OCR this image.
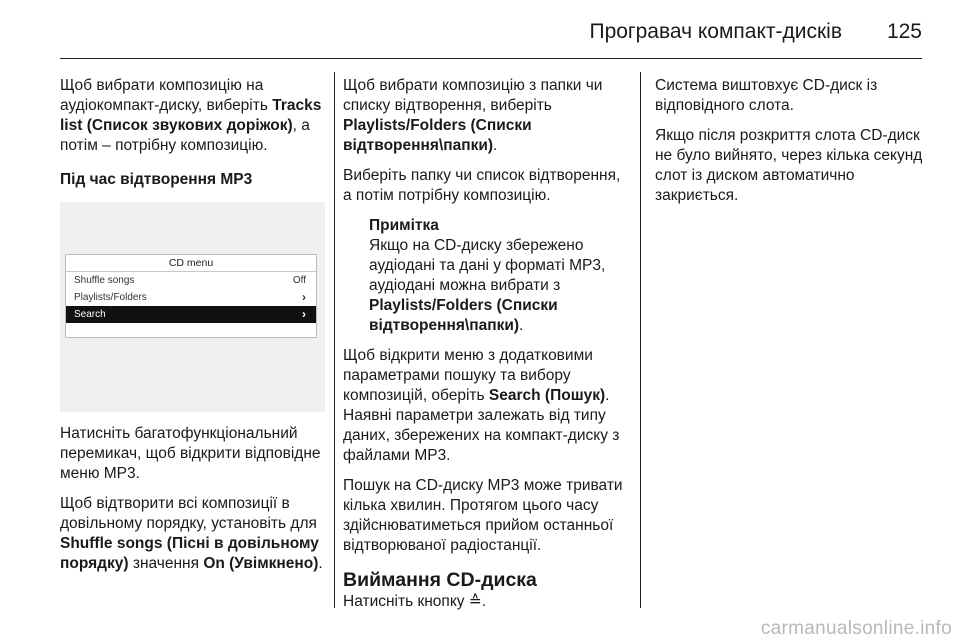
Програвач компакт-дисків 125

Щоб вибрати композицію на аудіокомпакт-диску, виберіть Tracks list (Список звукових доріжок), а потім – потрібну композицію.

Під час відтворення MP3

CD menu
Shuffle songs	Off
Playlists/Folders	›
Search	›

Натисніть багатофункціональний перемикач, щоб відкрити відповідне меню MP3.

Щоб відтворити всі композиції в довільному порядку, установіть для Shuffle songs (Пісні в довільному порядку) значення On (Увімкнено).

Щоб вибрати композицію з папки чи списку відтворення, виберіть Playlists/Folders (Списки відтворення\папки).

Виберіть папку чи список відтворення, а потім потрібну композицію.

Примітка

Якщо на CD-диску збережено аудіодані та дані у форматі MP3, аудіодані можна вибрати з Playlists/Folders (Списки відтворення\папки).

Щоб відкрити меню з додатковими параметрами пошуку та вибору композицій, оберіть Search (Пошук). Наявні параметри залежать від типу даних, збережених на компакт-диску з файлами MP3.

Пошук на CD-диску MP3 може тривати кілька хвилин. Протягом цього часу здійснюватиметься прийом останньої відтворюваної радіостанції.

Виймання CD-диска

Натисніть кнопку ≙.

Система виштовхує CD-диск із відповідного слота.

Якщо після розкриття слота CD-диск не було вийнято, через кілька секунд слот із диском автоматично закриється.

carmanualsonline.info
